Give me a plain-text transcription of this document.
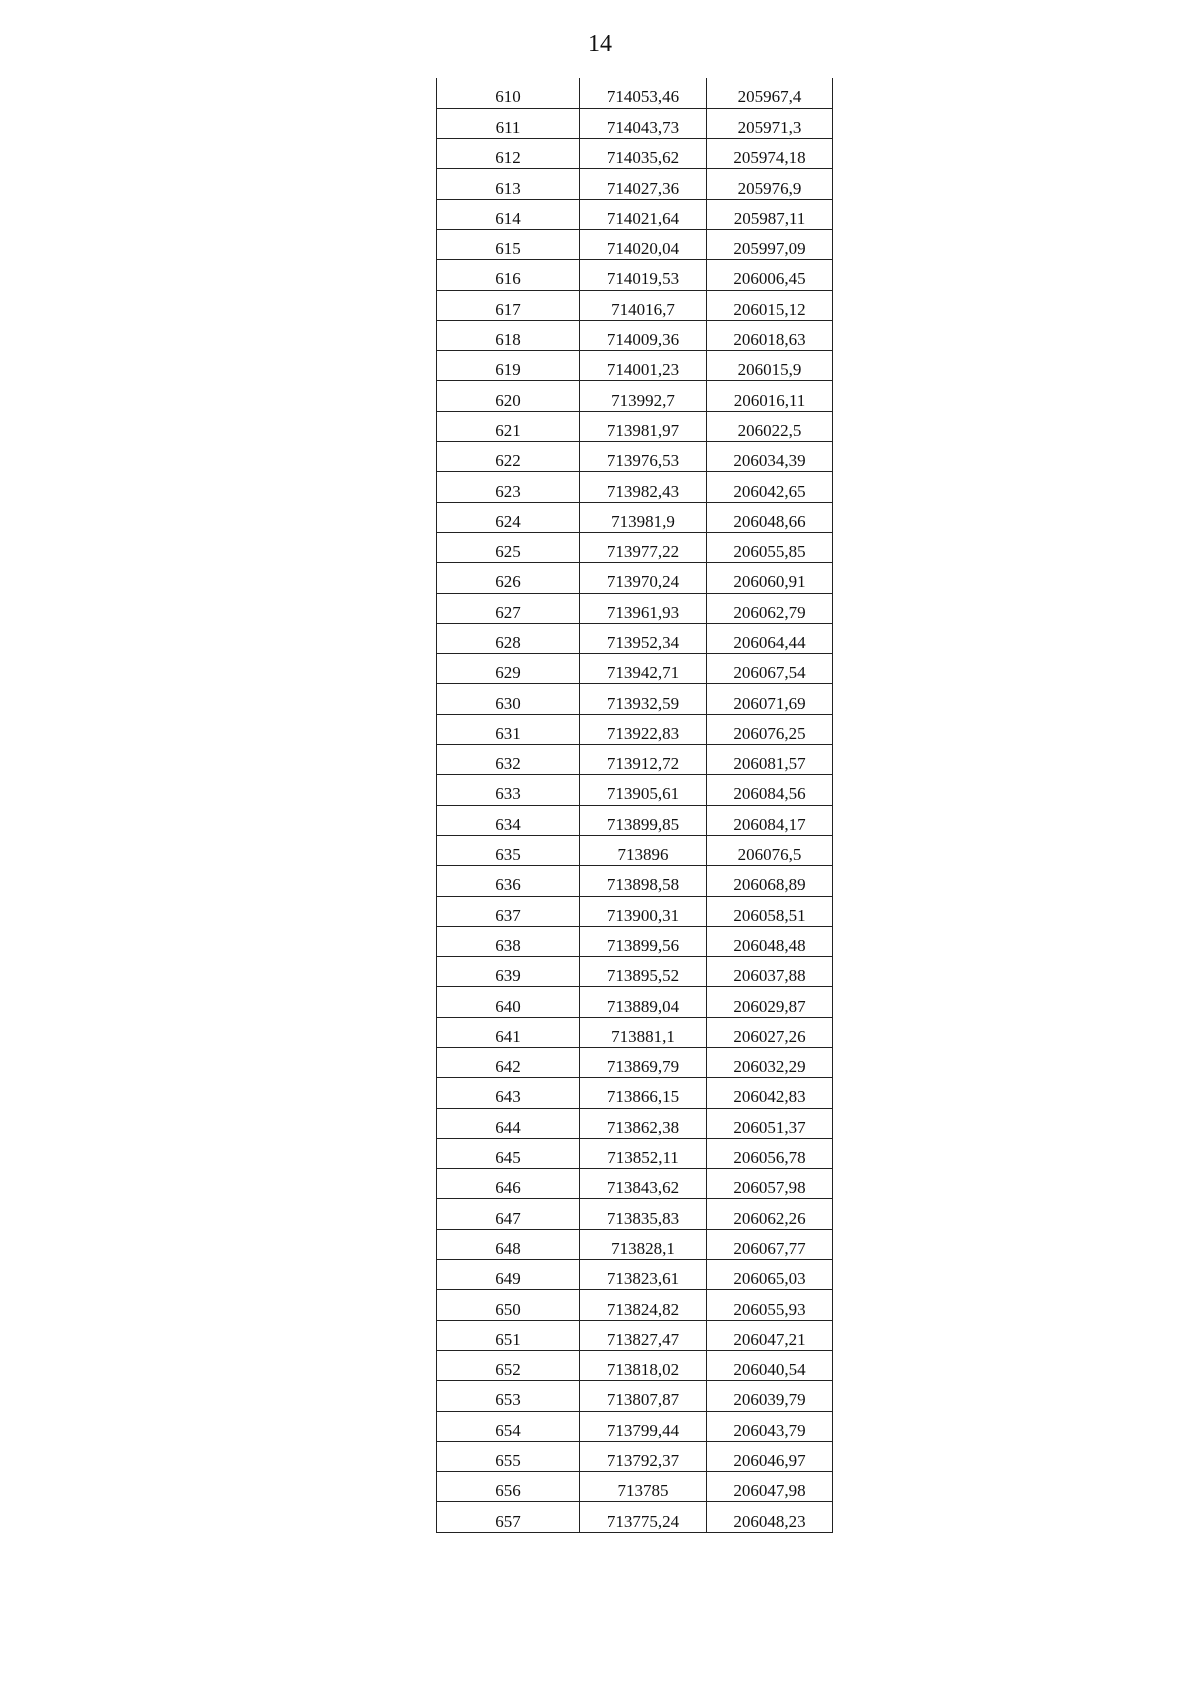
14
610	714053,46	205967,4
611	714043,73	205971,3
612	714035,62	205974,18
613	714027,36	205976,9
614	714021,64	205987,11
615	714020,04	205997,09
616	714019,53	206006,45
617	714016,7	206015,12
618	714009,36	206018,63
619	714001,23	206015,9
620	713992,7	206016,11
621	713981,97	206022,5
622	713976,53	206034,39
623	713982,43	206042,65
624	713981,9	206048,66
625	713977,22	206055,85
626	713970,24	206060,91
627	713961,93	206062,79
628	713952,34	206064,44
629	713942,71	206067,54
630	713932,59	206071,69
631	713922,83	206076,25
632	713912,72	206081,57
633	713905,61	206084,56
634	713899,85	206084,17
635	713896	206076,5
636	713898,58	206068,89
637	713900,31	206058,51
638	713899,56	206048,48
639	713895,52	206037,88
640	713889,04	206029,87
641	713881,1	206027,26
642	713869,79	206032,29
643	713866,15	206042,83
644	713862,38	206051,37
645	713852,11	206056,78
646	713843,62	206057,98
647	713835,83	206062,26
648	713828,1	206067,77
649	713823,61	206065,03
650	713824,82	206055,93
651	713827,47	206047,21
652	713818,02	206040,54
653	713807,87	206039,79
654	713799,44	206043,79
655	713792,37	206046,97
656	713785	206047,98
657	713775,24	206048,23
